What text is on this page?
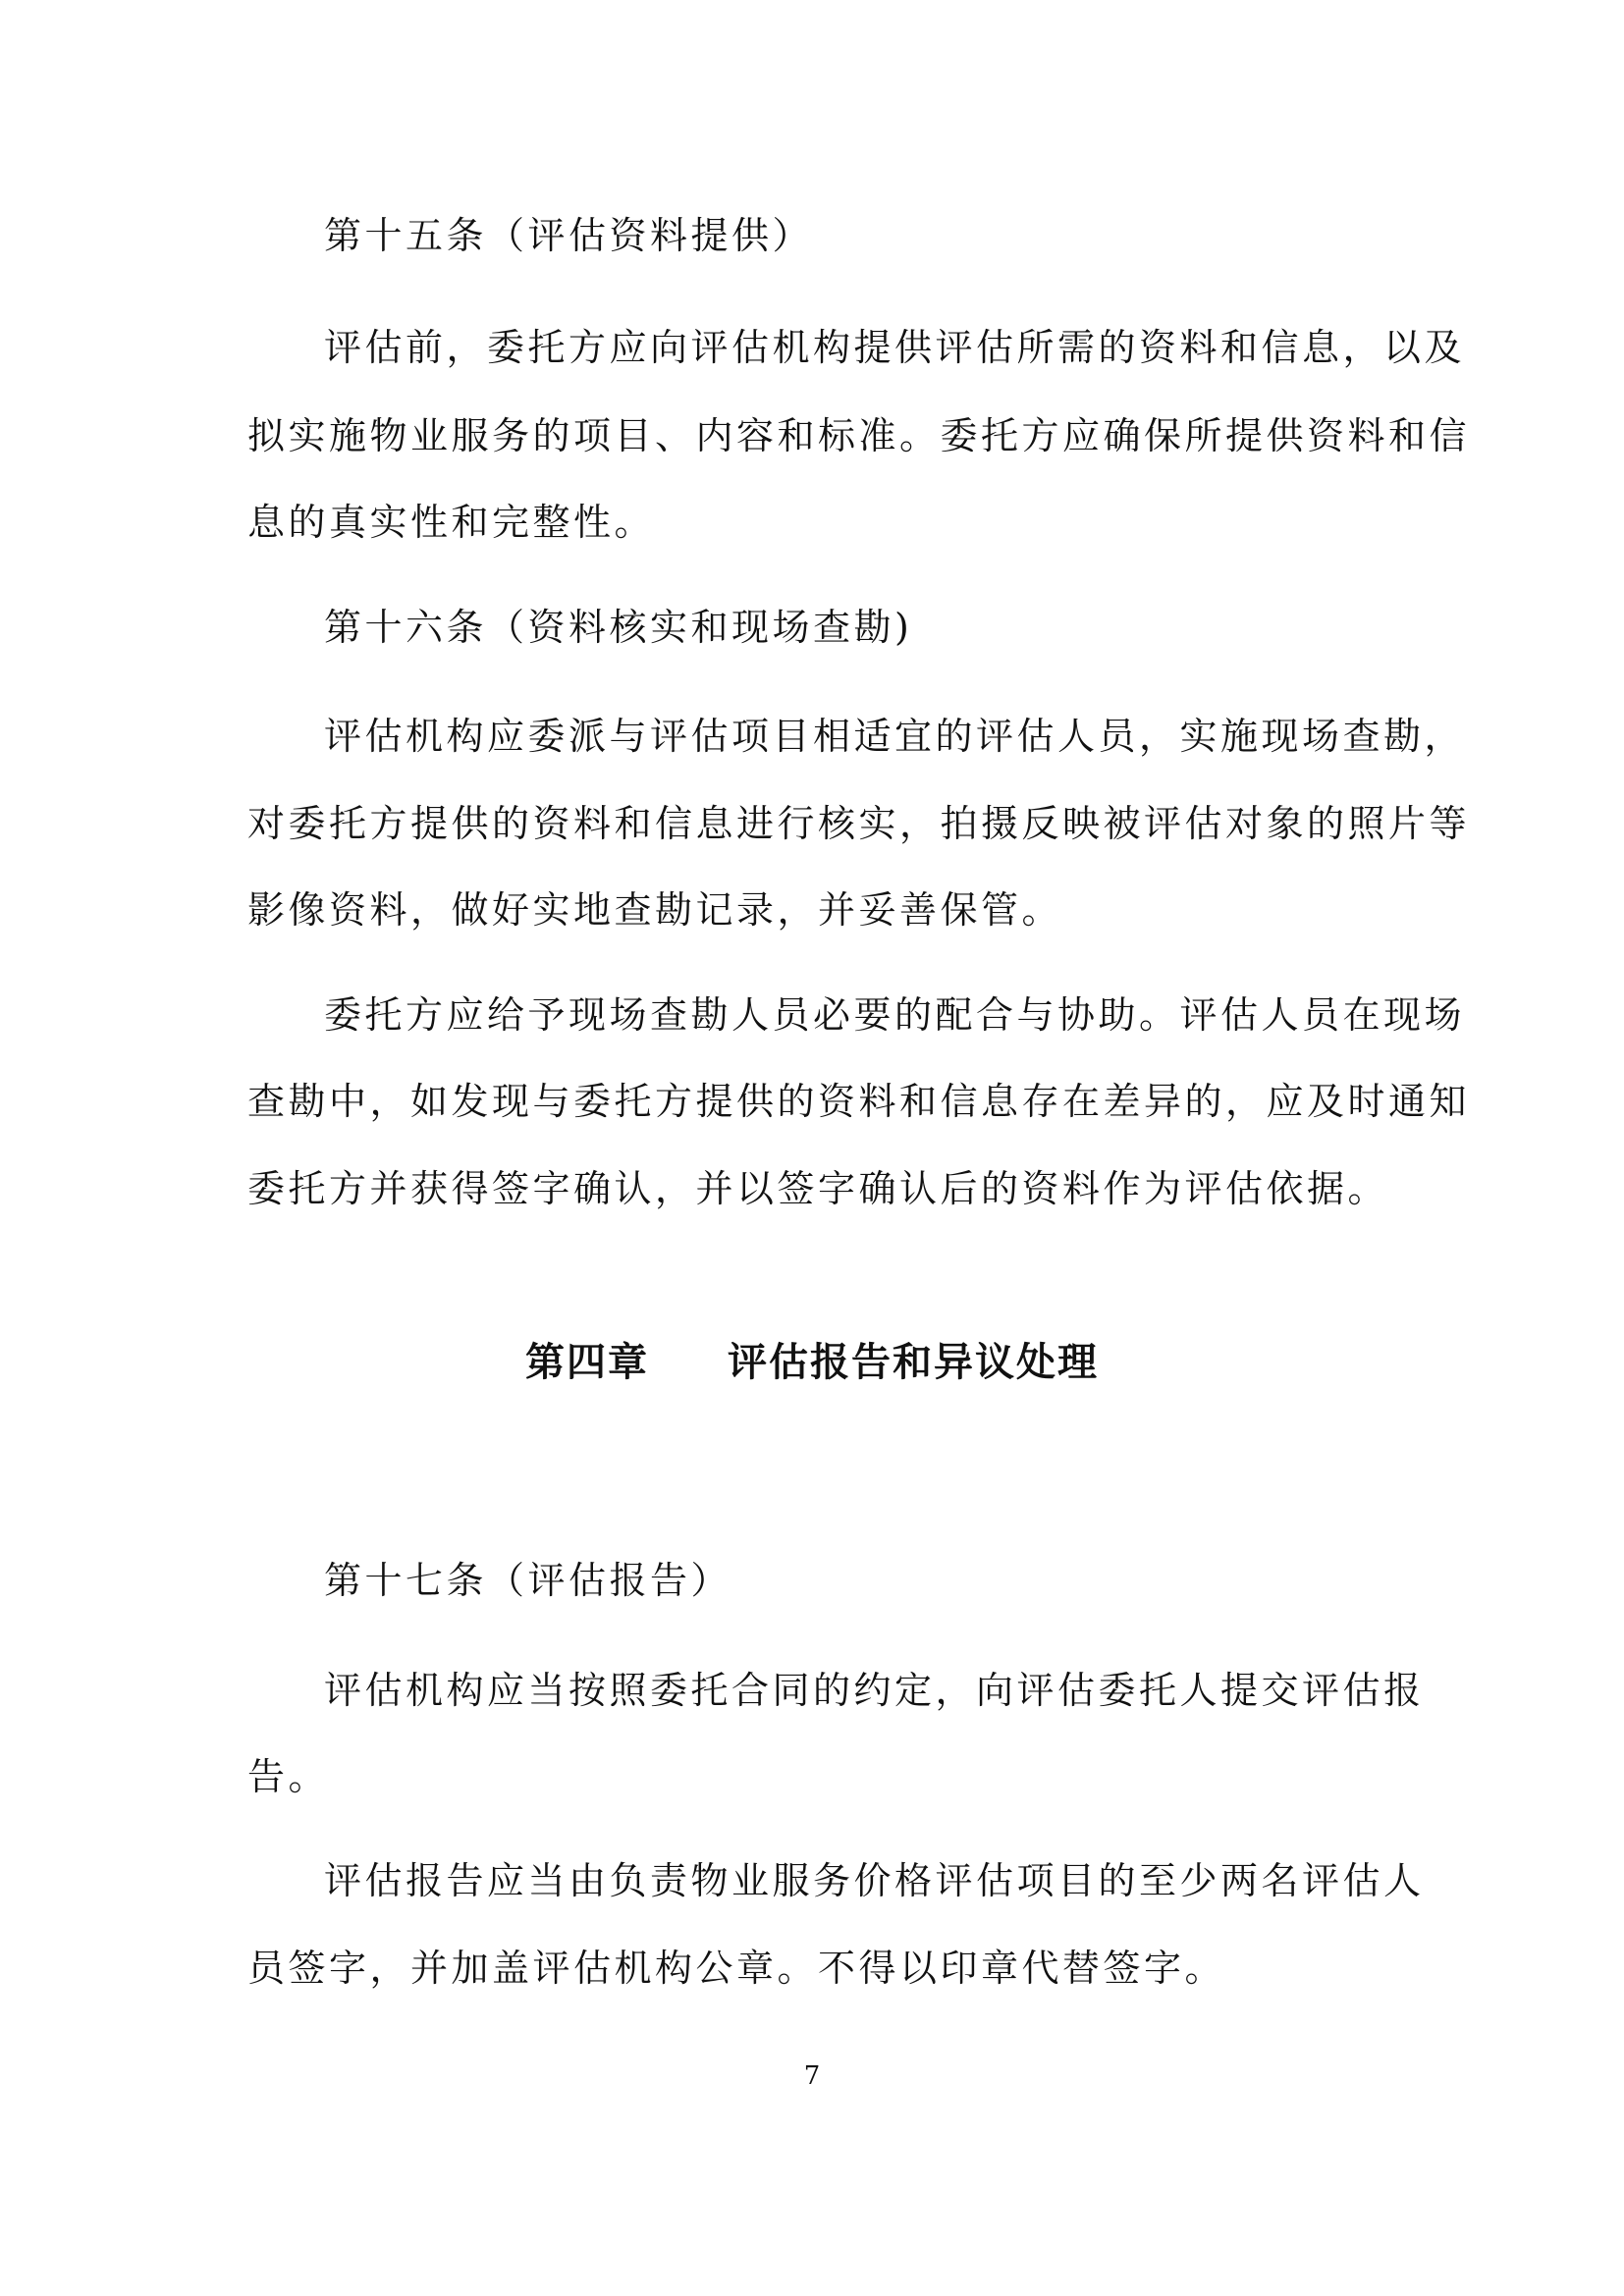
第十五条（评估资料提供）
评估前，委托方应向评估机构提供评估所需的资料和信息，以及
拟实施物业服务的项目、内容和标准。委托方应确保所提供资料和信
息的真实性和完整性。
第十六条（资料核实和现场查勘)
评估机构应委派与评估项目相适宜的评估人员，实施现场查勘，
对委托方提供的资料和信息进行核实，拍摄反映被评估对象的照片等
影像资料，做好实地查勘记录，并妥善保管。
委托方应给予现场查勘人员必要的配合与协助。评估人员在现场
查勘中，如发现与委托方提供的资料和信息存在差异的，应及时通知
委托方并获得签字确认，并以签字确认后的资料作为评估依据。
第四章 评估报告和异议处理
第十七条（评估报告）
评估机构应当按照委托合同的约定，向评估委托人提交评估报
告。
评估报告应当由负责物业服务价格评估项目的至少两名评估人
员签字，并加盖评估机构公章。不得以印章代替签字。
7
